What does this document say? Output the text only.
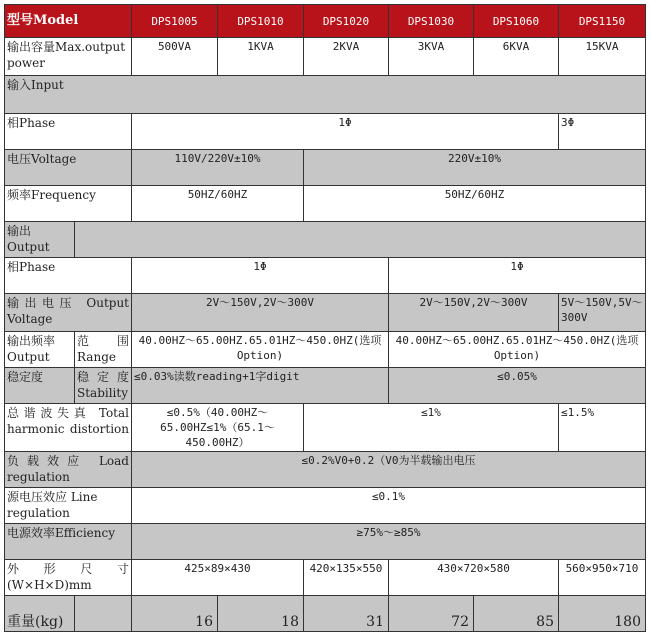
型号Model		DPS1005	DPS1010	DPS1020	DPS1030	DPS1060	DPS1150
输出容量Max.output power		500VA	1KVA	2KVA	3KVA	6KVA	15KVA
输入Input							
相Phase		1Φ					3Φ
电压Voltage		110V/220V±10%		220V±10%			
频率Frequency		50HZ/60HZ		50HZ/60HZ			
输出 Output							
相Phase		1Φ			1Φ		
输出电压 Output Voltage		2V～150V,2V～300V			2V～150V,2V～300V		5V～150V,5V～300V
输出频率 Output	范围 Range	40.00HZ～65.00HZ.65.01HZ～450.0HZ(选项Option)			40.00HZ～65.00HZ.65.01HZ～450.0HZ(选项Option)		
稳定度	稳定度 Stability	≤0.03%读数reading+1字digit			≤0.05%		
总谐波失真 Total harmonic distortion		≤0.5%（40.00HZ～65.00HZ≤1%（65.1～450.00HZ）		≤1%			≤1.5%
负载效应 Load regulation		≤0.2%V0+0.2（V0为半载输出电压					
源电压效应 Line regulation		≤0.1%					
电源效率Efficiency		≥75%～≥85%					
外形尺寸(W×H×D)mm		425×89×430		420×135×550	430×720×580		560×950×710
重量(kg)		16	18	31	72	85	180
